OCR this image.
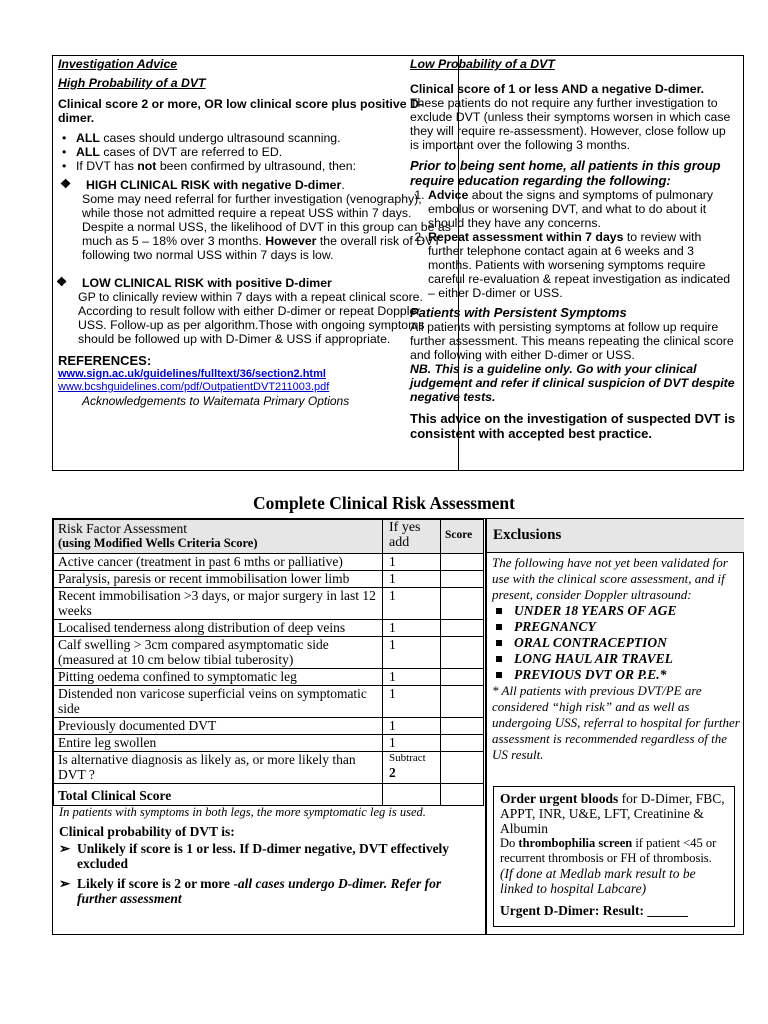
Investigation Advice

High Probability of a DVT

Clinical score 2 or more, OR low clinical score plus positive D-dimer.

• ALL cases should undergo ultrasound scanning.
• ALL cases of DVT are referred to ED.
• If DVT has not been confirmed by ultrasound, then:

❖ HIGH CLINICAL RISK with negative D-dimer.

Some may need referral for further investigation (venography), while those not admitted require a repeat USS within 7 days. Despite a normal USS, the likelihood of DVT in this group can be as much as 5 – 18% over 3 months. However the overall risk of DVT following two normal USS within 7 days is low.

❖ LOW CLINICAL RISK with positive D-dimer

GP to clinically review within 7 days with a repeat clinical score. According to result follow with either D-dimer or repeat Doppler USS. Follow-up as per algorithm.Those with ongoing symptoms should be followed up with D-Dimer & USS if appropriate.

REFERENCES:

www.sign.ac.uk/guidelines/fulltext/36/section2.html
www.bcshguidelines.com/pdf/OutpatientDVT211003.pdf

Acknowledgements to Waitemata Primary Options

Low Probability of a DVT

Clinical score of 1 or less AND a negative D-dimer. These patients do not require any further investigation to exclude DVT (unless their symptoms worsen in which case they will require re-assessment). However, close follow up is important over the following 3 months.

Prior to being sent home, all patients in this group require education regarding the following:

1. Advice about the signs and symptoms of pulmonary embolus or worsening DVT, and what to do about it should they have any concerns.
2. Repeat assessment within 7 days to review with further telephone contact again at 6 weeks and 3 months. Patients with worsening symptoms require careful re-evaluation & repeat investigation as indicated – either D-dimer or USS.

Patients with Persistent Symptoms

All patients with persisting symptoms at follow up require further assessment. This means repeating the clinical score and following with either D-dimer or USS.

NB. This is a guideline only. Go with your clinical judgement and refer if clinical suspicion of DVT despite negative tests.

This advice on the investigation of suspected DVT is consistent with accepted best practice.

Complete Clinical Risk Assessment
Risk Factor Assessment
(using Modified Wells Criteria Score)	If yes add	Score
Active cancer (treatment in past 6 mths or palliative)	1	
Paralysis, paresis or recent immobilisation lower limb	1	
Recent immobilisation >3 days, or major surgery in last 12 weeks	1	
Localised tenderness along distribution of deep veins	1	
Calf swelling > 3cm compared asymptomatic side (measured at 10 cm below tibial tuberosity)	1	
Pitting oedema confined to symptomatic leg	1	
Distended non varicose superficial veins on symptomatic side	1	
Previously documented DVT	1	
Entire leg swollen	1	
Is alternative diagnosis as likely as, or more likely than DVT ?	Subtract
2	

Total Clinical Score		
In patients with symptoms in both legs, the more symptomatic leg is used.
Clinical probability of DVT is:
➢ Unlikely if score is 1 or less. If D-dimer negative, DVT effectively excluded
➢ Likely if score is 2 or more -all cases undergo D-dimer. Refer for further assessment
Exclusions
The following have not yet been validated for use with the clinical score assessment, and if present, consider Doppler ultrasound:
UNDER 18 YEARS OF AGE
PREGNANCY
ORAL CONTRACEPTION
LONG HAUL AIR TRAVEL
PREVIOUS DVT OR P.E.*
* All patients with previous DVT/PE are considered “high risk” and as well as undergoing USS, referral to hospital for further assessment is recommended regardless of the US result.
Order urgent bloods for D-Dimer, FBC, APPT, INR, U&E, LFT, Creatinine & Albumin
Do thrombophilia screen if patient <45 or recurrent thrombosis or FH of thrombosis.
(If done at Medlab mark result to be linked to hospital Labcare)
Urgent D-Dimer: Result: ______
